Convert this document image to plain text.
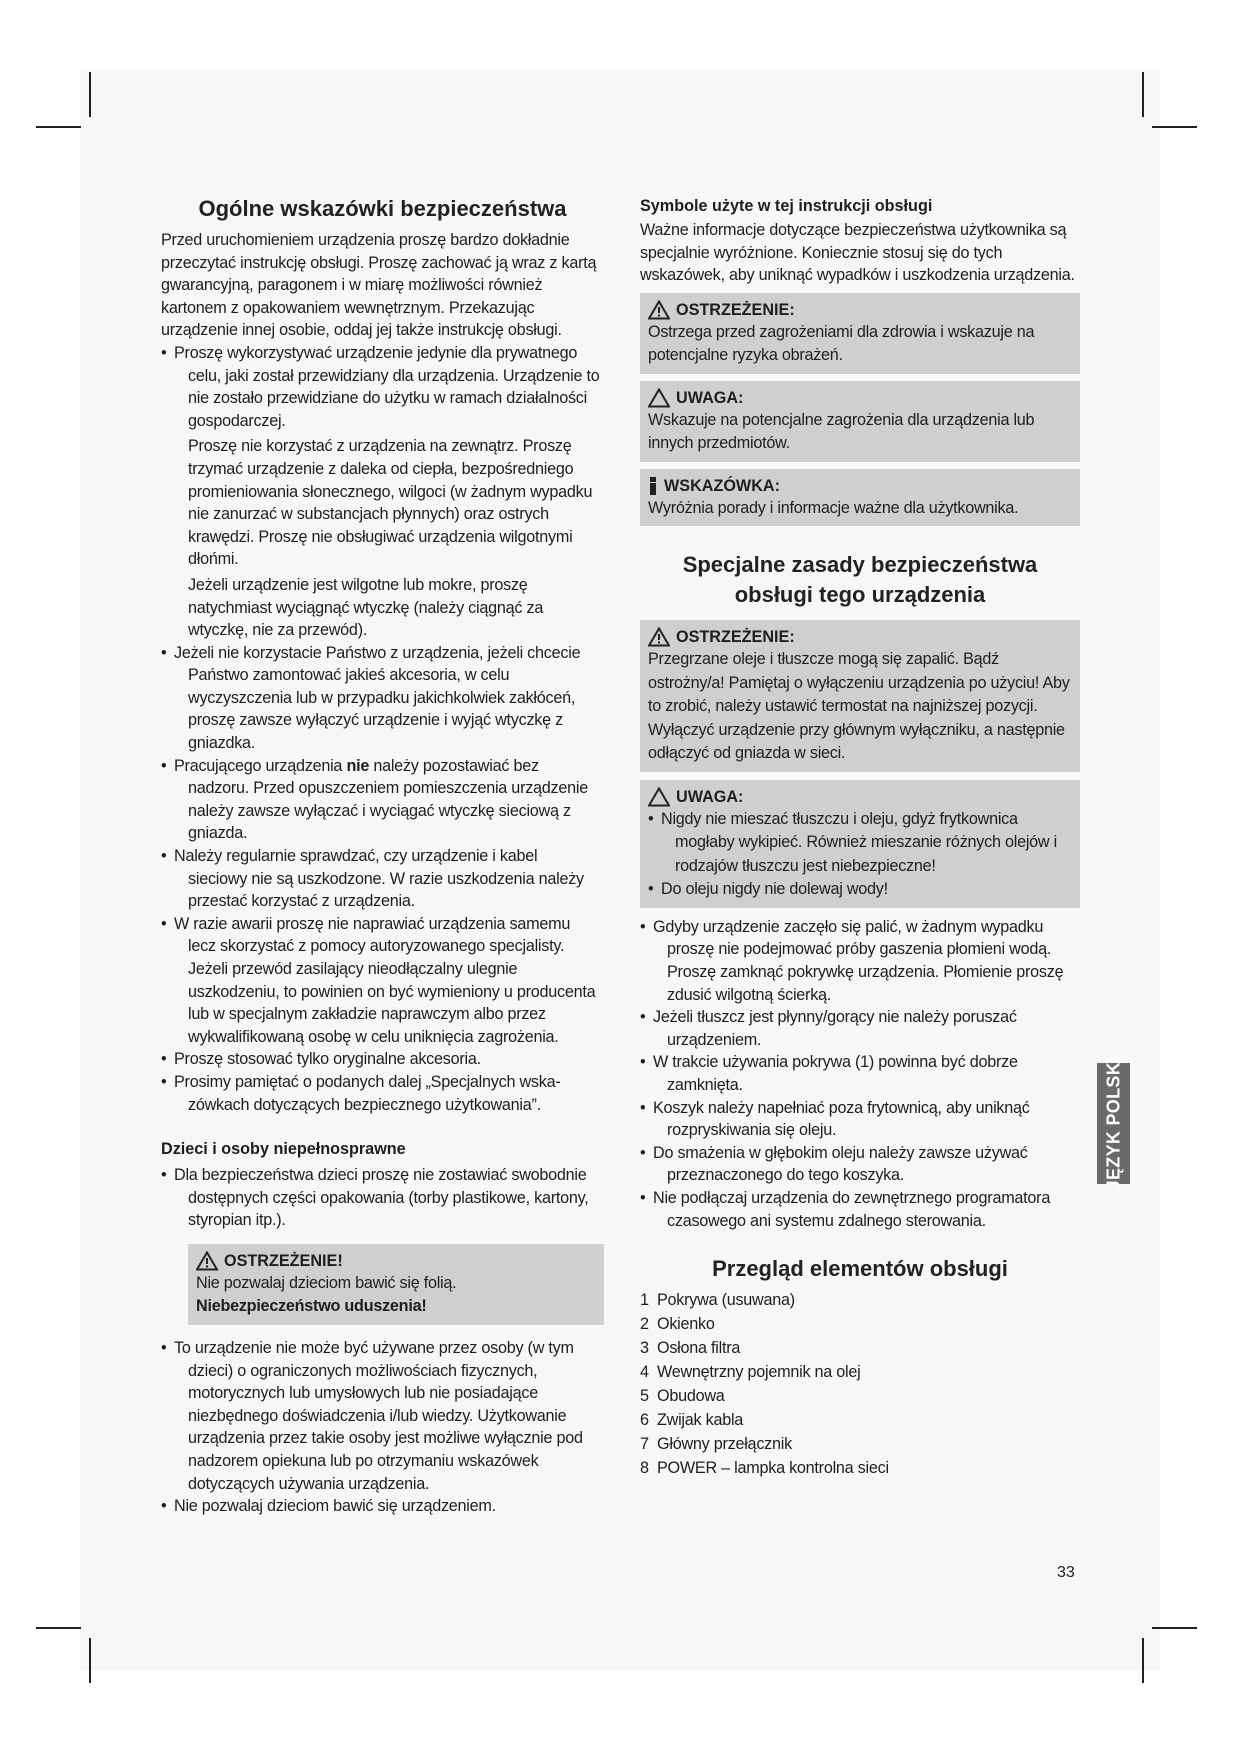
Ogólne wskazówki bezpieczeństwa

Przed uruchomieniem urządzenia proszę bardzo dokładnie przeczytać instrukcję obsługi. Proszę zachować ją wraz z kartą gwarancyjną, paragonem i w miarę możliwości również kartonem z opakowaniem wewnętrznym. Przekazując urządzenie innej osobie, oddaj jej także instrukcję obsługi.

• Proszę wykorzystywać urządzenie jedynie dla prywatnego
celu, jaki został przewidziany dla urządzenia. Urządzenie to nie zostało przewidziane do użytku w ramach działalności gospodarczej.
Proszę nie korzystać z urządzenia na zewnątrz. Proszę trzymać urządzenie z daleka od ciepła, bezpośredniego promieniowania słonecznego, wilgoci (w żadnym wypadku nie zanurzać w substancjach płynnych) oraz ostrych krawędzi. Proszę nie obsługiwać urządzenia wilgotnymi dłońmi.
Jeżeli urządzenie jest wilgotne lub mokre, proszę natychmiast wyciągnąć wtyczkę (należy ciągnąć za wtyczkę, nie za przewód).
• Jeżeli nie korzystacie Państwo z urządzenia, jeżeli chcecie
Państwo zamontować jakieś akcesoria, w celu wyczyszczenia lub w przypadku jakichkolwiek zakłóceń, proszę zawsze wyłączyć urządzenie i wyjąć wtyczkę z gniazdka.
• Pracującego urządzenia nie należy pozostawiać bez
nadzoru. Przed opuszczeniem pomieszczenia urządzenie należy zawsze wyłączać i wyciągać wtyczkę sieciową z gniazda.
• Należy regularnie sprawdzać, czy urządzenie i kabel
sieciowy nie są uszkodzone. W razie uszkodzenia należy przestać korzystać z urządzenia.
• W razie awarii proszę nie naprawiać urządzenia samemu
lecz skorzystać z pomocy autoryzowanego specjalisty. Jeżeli przewód zasilający nieodłączalny ulegnie uszkodzeniu, to powinien on być wymieniony u producenta lub w specjalnym zakładzie naprawczym albo przez wykwalifikowaną osobę w celu uniknięcia zagrożenia.
• Proszę stosować tylko oryginalne akcesoria.
• Prosimy pamiętać o podanych dalej „Specjalnych wska-
zówkach dotyczących bezpiecznego użytkowania”.
Dzieci i osoby niepełnosprawne
• Dla bezpieczeństwa dzieci proszę nie zostawiać swobodnie
dostępnych części opakowania (torby plastikowe, kartony, styropian itp.).
OSTRZEŻENIE!

Nie pozwalaj dzieciom bawić się folią. Niebezpieczeństwo uduszenia!

• To urządzenie nie może być używane przez osoby (w tym
dzieci) o ograniczonych możliwościach fizycznych, motorycznych lub umysłowych lub nie posiadające niezbędnego doświadczenia i/lub wiedzy. Użytkowanie urządzenia przez takie osoby jest możliwe wyłącznie pod nadzorem opiekuna lub po otrzymaniu wskazówek dotyczących używania urządzenia.
• Nie pozwalaj dzieciom bawić się urządzeniem.
Symbole użyte w tej instrukcji obsługi

Ważne informacje dotyczące bezpieczeństwa użytkownika są specjalnie wyróżnione. Koniecznie stosuj się do tych wskazówek, aby uniknąć wypadków i uszkodzenia urządzenia.

OSTRZEŻENIE:

Ostrzega przed zagrożeniami dla zdrowia i wskazuje na potencjalne ryzyka obrażeń.

UWAGA:

Wskazuje na potencjalne zagrożenia dla urządzenia lub innych przedmiotów.

WSKAZÓWKA:

Wyróżnia porady i informacje ważne dla użytkownika.

Specjalne zasady bezpieczeństwa
obsługi tego urządzenia
OSTRZEŻENIE:

Przegrzane oleje i tłuszcze mogą się zapalić. Bądź ostrożny/a! Pamiętaj o wyłączeniu urządzenia po użyciu! Aby to zrobić, należy ustawić termostat na najniższej pozycji. Wyłączyć urządzenie przy głównym wyłączniku, a następnie odłączyć od gniazda w sieci.

UWAGA:
• Nigdy nie mieszać tłuszczu i oleju, gdyż frytkownica
mogłaby wykipieć. Również mieszanie różnych olejów i rodzajów tłuszczu jest niebezpieczne!
• Do oleju nigdy nie dolewaj wody!
• Gdyby urządzenie zaczęło się palić, w żadnym wypadku
proszę nie podejmować próby gaszenia płomieni wodą. Proszę zamknąć pokrywkę urządzenia. Płomienie proszę zdusić wilgotną ścierką.
• Jeżeli tłuszcz jest płynny/gorący nie należy poruszać
urządzeniem.
• W trakcie używania pokrywa (1) powinna być dobrze
zamknięta.
• Koszyk należy napełniać poza frytownicą, aby uniknąć
rozpryskiwania się oleju.
• Do smażenia w głębokim oleju należy zawsze używać
przeznaczonego do tego koszyka.
• Nie podłączaj urządzenia do zewnętrznego programatora
czasowego ani systemu zdalnego sterowania.
Przegląd elementów obsługi
1 Pokrywa (usuwana)
2 Okienko
3 Osłona filtra
4 Wewnętrzny pojemnik na olej
5 Obudowa
6 Zwijak kabla
7 Główny przełącznik
8 POWER – lampka kontrolna sieci
JĘZYK POLSKI
33
